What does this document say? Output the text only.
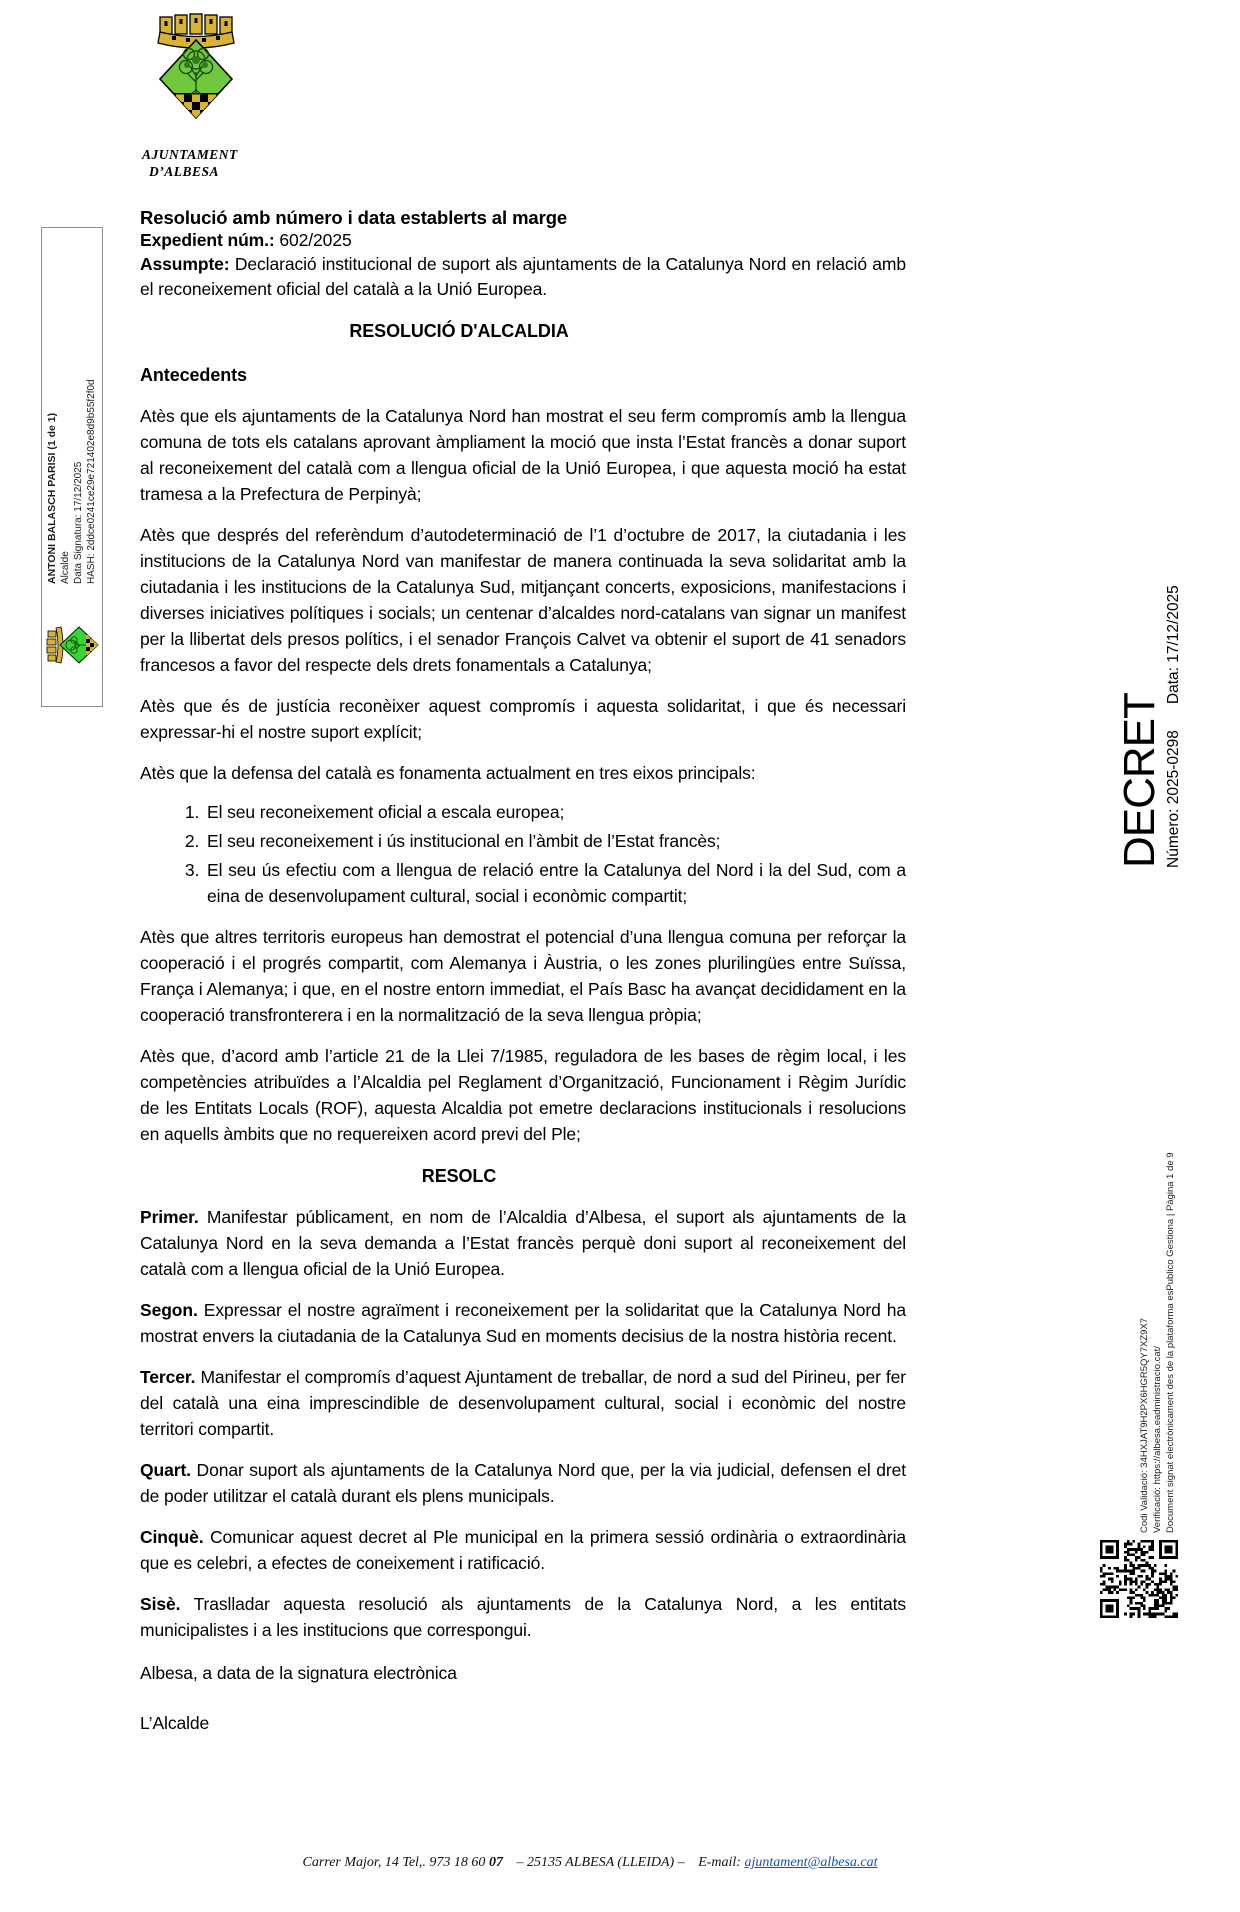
AJUNTAMENT
D’ALBESA
Resolució amb número i data establerts al marge
Expedient núm.: 602/2025

Assumpte: Declaració institucional de suport als ajuntaments de la Catalunya Nord en relació amb el reconeixement oficial del català a la Unió Europea.

RESOLUCIÓ D'ALCALDIA
Antecedents

Atès que els ajuntaments de la Catalunya Nord han mostrat el seu ferm compromís amb la llengua comuna de tots els catalans aprovant àmpliament la moció que insta l’Estat francès a donar suport al reconeixement del català com a llengua oficial de la Unió Europea, i que aquesta moció ha estat tramesa a la Prefectura de Perpinyà;

Atès que després del referèndum d’autodeterminació de l’1 d’octubre de 2017, la ciutadania i les institucions de la Catalunya Nord van manifestar de manera continuada la seva solidaritat amb la ciutadania i les institucions de la Catalunya Sud, mitjançant concerts, exposicions, manifestacions i diverses iniciatives polítiques i socials; un centenar d’alcaldes nord-catalans van signar un manifest per la llibertat dels presos polítics, i el senador François Calvet va obtenir el suport de 41 senadors francesos a favor del respecte dels drets fonamentals a Catalunya;

Atès que és de justícia reconèixer aquest compromís i aquesta solidaritat, i que és necessari expressar-hi el nostre suport explícit;

Atès que la defensa del català es fonamenta actualment en tres eixos principals:

1. El seu reconeixement oficial a escala europea;
2. El seu reconeixement i ús institucional en l’àmbit de l’Estat francès;
3. El seu ús efectiu com a llengua de relació entre la Catalunya del Nord i la del Sud, com a eina de desenvolupament cultural, social i econòmic compartit;

Atès que altres territoris europeus han demostrat el potencial d’una llengua comuna per reforçar la cooperació i el progrés compartit, com Alemanya i Àustria, o les zones plurilingües entre Suïssa, França i Alemanya; i que, en el nostre entorn immediat, el País Basc ha avançat decididament en la cooperació transfronterera i en la normalització de la seva llengua pròpia;

Atès que, d’acord amb l’article 21 de la Llei 7/1985, reguladora de les bases de règim local, i les competències atribuïdes a l’Alcaldia pel Reglament d’Organització, Funcionament i Règim Jurídic de les Entitats Locals (ROF), aquesta Alcaldia pot emetre declaracions institucionals i resolucions en aquells àmbits que no requereixen acord previ del Ple;

RESOLC

Primer. Manifestar públicament, en nom de l’Alcaldia d’Albesa, el suport als ajuntaments de la Catalunya Nord en la seva demanda a l’Estat francès perquè doni suport al reconeixement del català com a llengua oficial de la Unió Europea.

Segon. Expressar el nostre agraïment i reconeixement per la solidaritat que la Catalunya Nord ha mostrat envers la ciutadania de la Catalunya Sud en moments decisius de la nostra història recent.

Tercer. Manifestar el compromís d’aquest Ajuntament de treballar, de nord a sud del Pirineu, per fer del català una eina imprescindible de desenvolupament cultural, social i econòmic del nostre territori compartit.

Quart. Donar suport als ajuntaments de la Catalunya Nord que, per la via judicial, defensen el dret de poder utilitzar el català durant els plens municipals.

Cinquè. Comunicar aquest decret al Ple municipal en la primera sessió ordinària o extraordinària que es celebri, a efectes de coneixement i ratificació.

Sisè. Traslladar aquesta resolució als ajuntaments de la Catalunya Nord, a les entitats municipalistes i a les institucions que correspongui.

Albesa, a data de la signatura electrònica

L’Alcalde

ANTONI BALASCH PARISI (1 de 1) Alcalde Data Signatura: 17/12/2025 HASH: 2ddce0241ce29e721402e8d9b55f2f0d
DECRET Número: 2025-0298Data: 17/12/2025
Codi Validació: 34HXJAT9H2PX6HGR5QY7XZ9X7 Verificació: https://albesa.eadministracio.cat/ Document signat electrònicament des de la plataforma esPublico Gestiona | Pàgina 1 de 9
Carrer Major, 14 Tel,. 973 18 60 07 – 25135 ALBESA (LLEIDA) – E-mail: ajuntament@albesa.cat
